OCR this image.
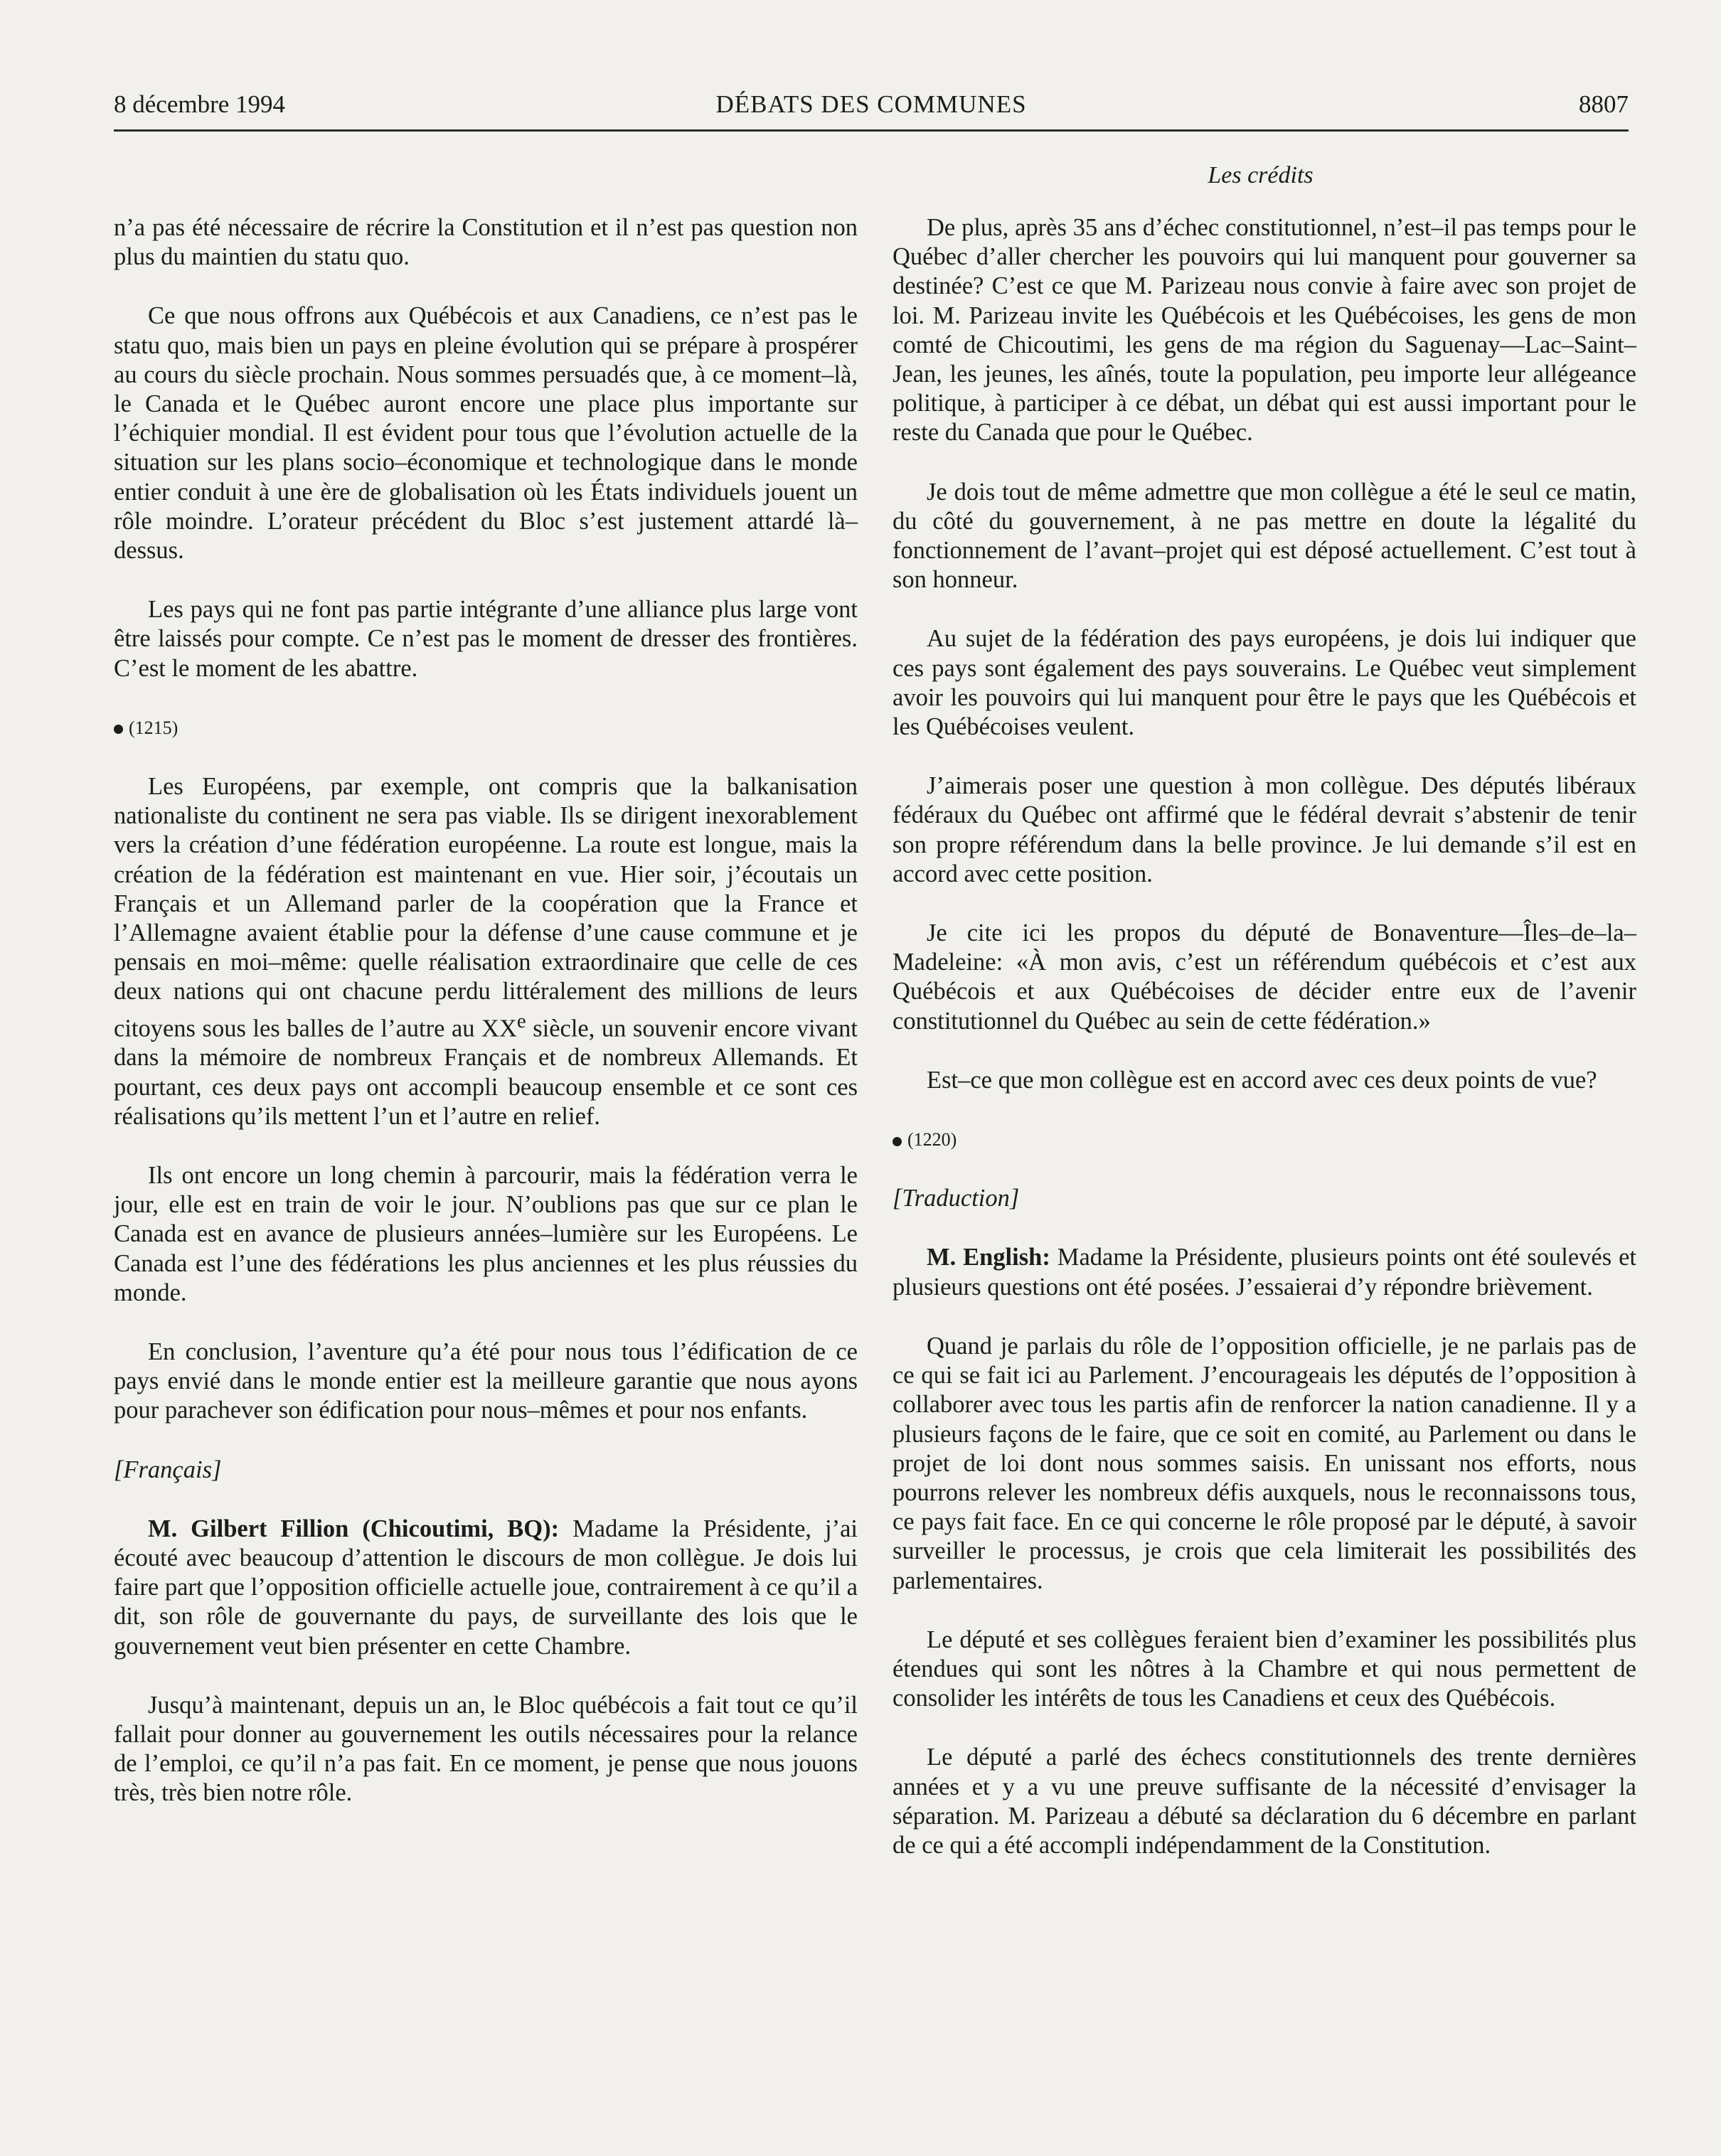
8 décembre 1994	DÉBATS DES COMMUNES	8807
Les crédits

n’a pas été nécessaire de récrire la Constitution et il n’est pas question non plus du maintien du statu quo.

Ce que nous offrons aux Québécois et aux Canadiens, ce n’est pas le statu quo, mais bien un pays en pleine évolution qui se prépare à prospérer au cours du siècle prochain. Nous sommes persuadés que, à ce moment–là, le Canada et le Québec auront encore une place plus importante sur l’échiquier mondial. Il est évident pour tous que l’évolution actuelle de la situation sur les plans socio–économique et technologique dans le monde entier conduit à une ère de globalisation où les États individuels jouent un rôle moindre. L’orateur précédent du Bloc s’est justement attardé là–dessus.

Les pays qui ne font pas partie intégrante d’une alliance plus large vont être laissés pour compte. Ce n’est pas le moment de dresser des frontières. C’est le moment de les abattre.

(1215)

Les Européens, par exemple, ont compris que la balkanisation nationaliste du continent ne sera pas viable. Ils se dirigent inexorablement vers la création d’une fédération européenne. La route est longue, mais la création de la fédération est maintenant en vue. Hier soir, j’écoutais un Français et un Allemand parler de la coopération que la France et l’Allemagne avaient établie pour la défense d’une cause commune et je pensais en moi–même: quelle réalisation extraordinaire que celle de ces deux nations qui ont chacune perdu littéralement des millions de leurs citoyens sous les balles de l’autre au XXe siècle, un souvenir encore vivant dans la mémoire de nombreux Français et de nombreux Allemands. Et pourtant, ces deux pays ont accompli beaucoup ensemble et ce sont ces réalisations qu’ils mettent l’un et l’autre en relief.

Ils ont encore un long chemin à parcourir, mais la fédération verra le jour, elle est en train de voir le jour. N’oublions pas que sur ce plan le Canada est en avance de plusieurs années–lumière sur les Européens. Le Canada est l’une des fédérations les plus anciennes et les plus réussies du monde.

En conclusion, l’aventure qu’a été pour nous tous l’édification de ce pays envié dans le monde entier est la meilleure garantie que nous ayons pour parachever son édification pour nous–mêmes et pour nos enfants.

[Français]

M. Gilbert Fillion (Chicoutimi, BQ): Madame la Présidente, j’ai écouté avec beaucoup d’attention le discours de mon collègue. Je dois lui faire part que l’opposition officielle actuelle joue, contrairement à ce qu’il a dit, son rôle de gouvernante du pays, de surveillante des lois que le gouvernement veut bien présenter en cette Chambre.

Jusqu’à maintenant, depuis un an, le Bloc québécois a fait tout ce qu’il fallait pour donner au gouvernement les outils nécessaires pour la relance de l’emploi, ce qu’il n’a pas fait. En ce moment, je pense que nous jouons très, très bien notre rôle.

De plus, après 35 ans d’échec constitutionnel, n’est–il pas temps pour le Québec d’aller chercher les pouvoirs qui lui manquent pour gouverner sa destinée? C’est ce que M. Parizeau nous convie à faire avec son projet de loi. M. Parizeau invite les Québécois et les Québécoises, les gens de mon comté de Chicoutimi, les gens de ma région du Saguenay—Lac–Saint–Jean, les jeunes, les aînés, toute la population, peu importe leur allégeance politique, à participer à ce débat, un débat qui est aussi important pour le reste du Canada que pour le Québec.

Je dois tout de même admettre que mon collègue a été le seul ce matin, du côté du gouvernement, à ne pas mettre en doute la légalité du fonctionnement de l’avant–projet qui est déposé actuellement. C’est tout à son honneur.

Au sujet de la fédération des pays européens, je dois lui indiquer que ces pays sont également des pays souverains. Le Québec veut simplement avoir les pouvoirs qui lui manquent pour être le pays que les Québécois et les Québécoises veulent.

J’aimerais poser une question à mon collègue. Des députés libéraux fédéraux du Québec ont affirmé que le fédéral devrait s’abstenir de tenir son propre référendum dans la belle province. Je lui demande s’il est en accord avec cette position.

Je cite ici les propos du député de Bonaventure—Îles–de–la–Madeleine: «À mon avis, c’est un référendum québécois et c’est aux Québécois et aux Québécoises de décider entre eux de l’avenir constitutionnel du Québec au sein de cette fédération.»

Est–ce que mon collègue est en accord avec ces deux points de vue?

(1220)

[Traduction]

M. English: Madame la Présidente, plusieurs points ont été soulevés et plusieurs questions ont été posées. J’essaierai d’y répondre brièvement.

Quand je parlais du rôle de l’opposition officielle, je ne parlais pas de ce qui se fait ici au Parlement. J’encourageais les députés de l’opposition à collaborer avec tous les partis afin de renforcer la nation canadienne. Il y a plusieurs façons de le faire, que ce soit en comité, au Parlement ou dans le projet de loi dont nous sommes saisis. En unissant nos efforts, nous pourrons relever les nombreux défis auxquels, nous le reconnaissons tous, ce pays fait face. En ce qui concerne le rôle proposé par le député, à savoir surveiller le processus, je crois que cela limiterait les possibilités des parlementaires.

Le député et ses collègues feraient bien d’examiner les possibilités plus étendues qui sont les nôtres à la Chambre et qui nous permettent de consolider les intérêts de tous les Canadiens et ceux des Québécois.

Le député a parlé des échecs constitutionnels des trente dernières années et y a vu une preuve suffisante de la nécessité d’envisager la séparation. M. Parizeau a débuté sa déclaration du 6 décembre en parlant de ce qui a été accompli indépendamment de la Constitution.
